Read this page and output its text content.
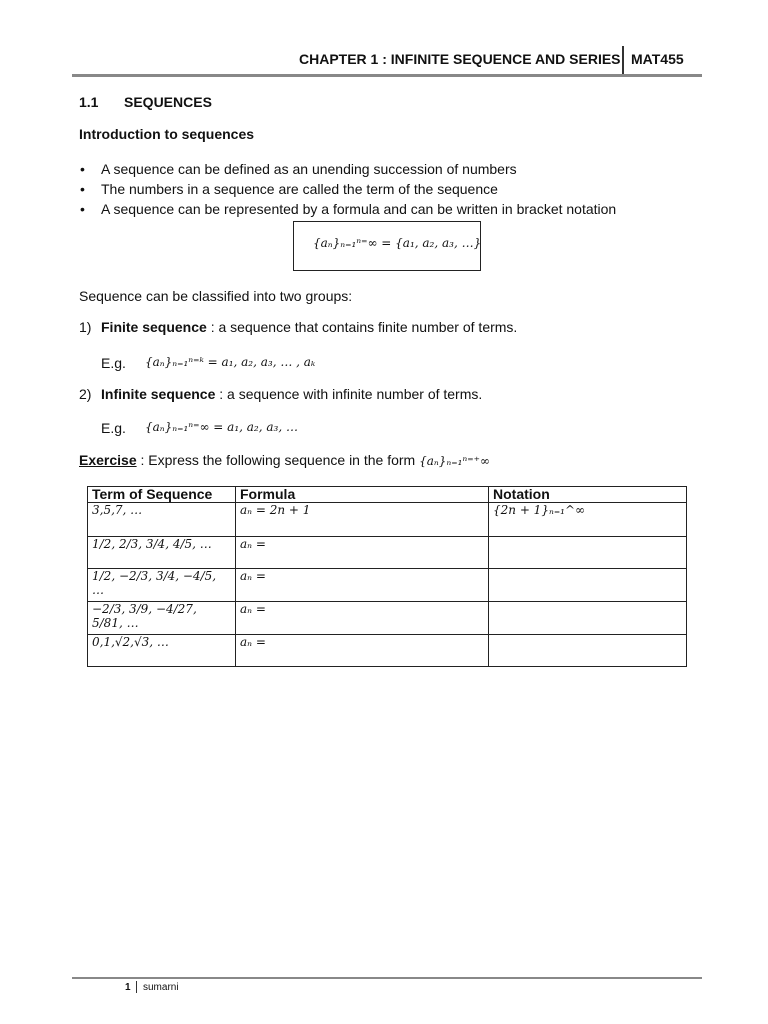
CHAPTER 1 : INFINITE SEQUENCE AND SERIES MAT455
1.1 SEQUENCES
Introduction to sequences
• A sequence can be defined as an unending succession of numbers
• The numbers in a sequence are called the term of the sequence
• A sequence can be represented by a formula and can be written in bracket notation
{aₙ}ₙ₌₁ⁿ⁼∞ = {a₁, a₂, a₃, …}
Sequence can be classified into two groups:
1) Finite sequence : a sequence that contains finite number of terms.
E.g. {aₙ}ₙ₌₁ⁿ⁼ᵏ = a₁, a₂, a₃, … , aₖ
2) Infinite sequence : a sequence with infinite number of terms.
E.g. {aₙ}ₙ₌₁ⁿ⁼∞ = a₁, a₂, a₃, …
Exercise : Express the following sequence in the form {aₙ}ₙ₌₁ⁿ⁼⁺∞
Term of Sequence	Formula	Notation
3,5,7, …	aₙ = 2n + 1	{2n + 1}ₙ₌₁^∞
1/2, 2/3, 3/4, 4/5, …	aₙ =	
1/2, −2/3, 3/4, −4/5, …	aₙ =	
−2/3, 3/9, −4/27, 5/81, …	aₙ =	
0,1,√2,√3, …	aₙ =	
1 sumarni
